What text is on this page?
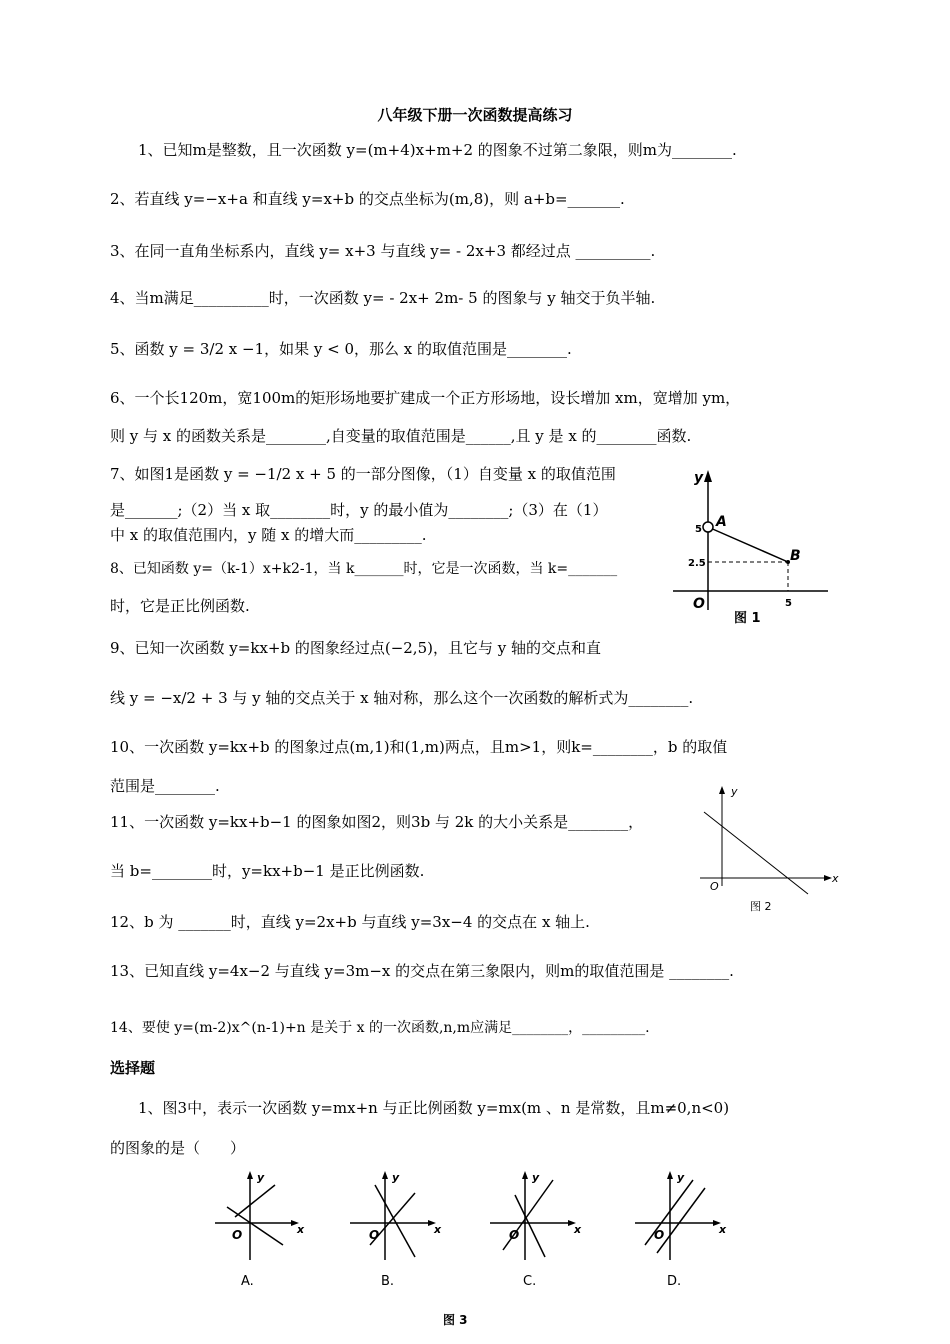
八年级下册一次函数提高练习
1、已知m是整数，且一次函数 y=(m+4)x+m+2 的图象不过第二象限，则m为________.
2、若直线 y=−x+a 和直线 y=x+b 的交点坐标为(m,8)，则 a+b=_______.
3、在同一直角坐标系内，直线 y= x+3 与直线 y= - 2x+3 都经过点 __________.
4、当m满足__________时，一次函数 y= - 2x+ 2m- 5 的图象与 y 轴交于负半轴.
5、函数 y = 3/2 x −1，如果 y < 0，那么 x 的取值范围是________.
6、一个长120m，宽100m的矩形场地要扩建成一个正方形场地，设长增加 xm，宽增加 ym，
则 y 与 x 的函数关系是________,自变量的取值范围是______,且 y 是 x 的________函数.
7、如图1是函数 y = −1/2 x + 5 的一部分图像，（1）自变量 x 的取值范围
是_______;（2）当 x 取________时，y 的最小值为________;（3）在（1）
中 x 的取值范围内，y 随 x 的增大而_________.
8、已知函数 y=（k-1）x+k2-1，当 k_______时，它是一次函数，当 k=_______
时，它是正比例函数.
9、已知一次函数 y=kx+b 的图象经过点(−2,5)，且它与 y 轴的交点和直
线 y = −x/2 + 3 与 y 轴的交点关于 x 轴对称，那么这个一次函数的解析式为________.
10、一次函数 y=kx+b 的图象过点(m,1)和(1,m)两点，且m>1，则k=________，b 的取值
范围是________.
11、一次函数 y=kx+b−1 的图象如图2，则3b 与 2k 的大小关系是________，
当 b=________时，y=kx+b−1 是正比例函数.
12、b 为 _______时，直线 y=2x+b 与直线 y=3x−4 的交点在 x 轴上.
13、已知直线 y=4x−2 与直线 y=3m−x 的交点在第三象限内，则m的取值范围是 ________.
14、要使 y=(m-2)x^(n-1)+n 是关于 x 的一次函数,n,m应满足________，_________.
选择题
1、图3中，表示一次函数 y=mx+n 与正比例函数 y=mx(m 、n 是常数，且m≠0,n<0)
的图象的是（　　）
y
A
B
5
2.5
O	5
图 1
y
x
O
图 2
y
x
O
A.
y
x
O
B.
y
x
O
C.
y
x
O
D.
图 3
